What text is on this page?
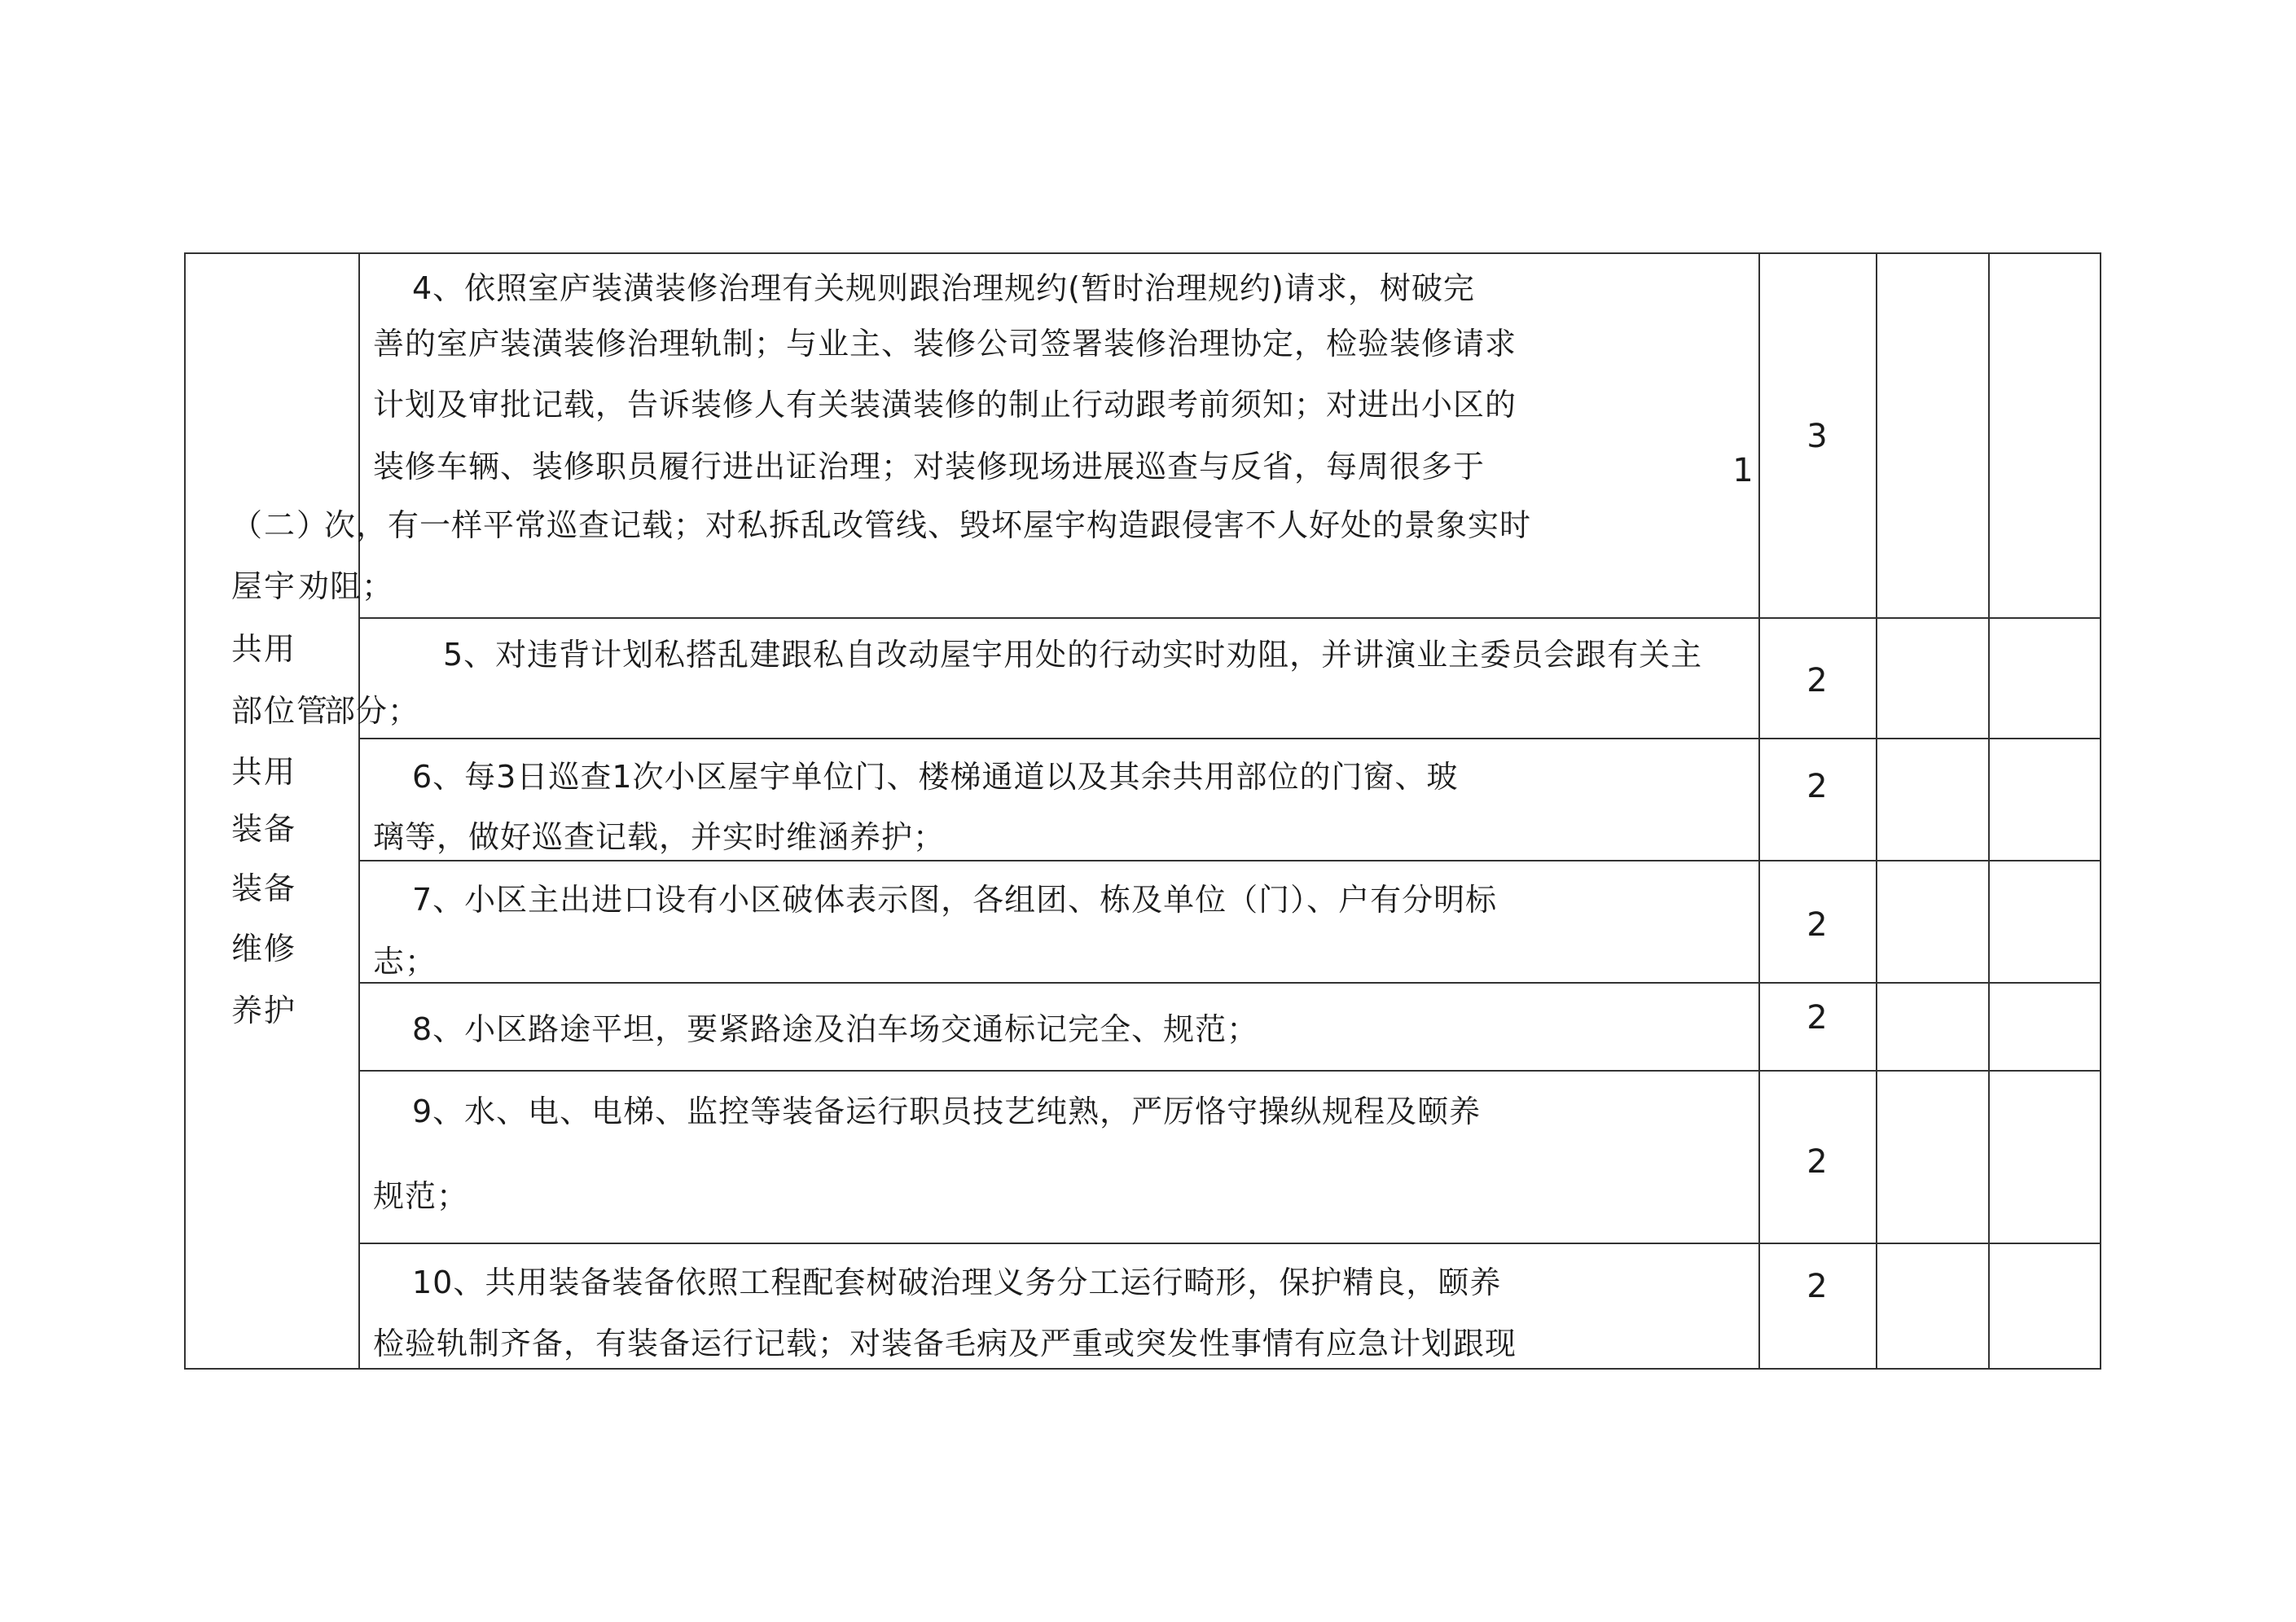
（二）
屋宇
共用
部位管
共用
装备
装备
维修
养护
4、依照室庐装潢装修治理有关规则跟治理规约(暂时治理规约)请求，树破完
善的室庐装潢装修治理轨制；与业主、装修公司签署装修治理协定，检验装修请求
计划及审批记载，告诉装修人有关装潢装修的制止行动跟考前须知；对进出小区的
装修车辆、装修职员履行进出证治理；对装修现场进展巡查与反省，每周很多于
次，有一样平常巡查记载；对私拆乱改管线、毁坏屋宇构造跟侵害不人好处的景象实时
劝阻；
3
1
5、对违背计划私搭乱建跟私自改动屋宇用处的行动实时劝阻，并讲演业主委员会跟有关主
部分；
2
6、每3日巡查1次小区屋宇单位门、楼梯通道以及其余共用部位的门窗、玻
璃等，做好巡查记载，并实时维涵养护；
2
7、小区主出进口设有小区破体表示图，各组团、栋及单位（门）、户有分明标
志；
2
8、小区路途平坦，要紧路途及泊车场交通标记完全、规范；	2
9、水、电、电梯、监控等装备运行职员技艺纯熟，严厉恪守操纵规程及颐养
规范；
2
10、共用装备装备依照工程配套树破治理义务分工运行畸形，保护精良，颐养
检验轨制齐备，有装备运行记载；对装备毛病及严重或突发性事情有应急计划跟现
2
